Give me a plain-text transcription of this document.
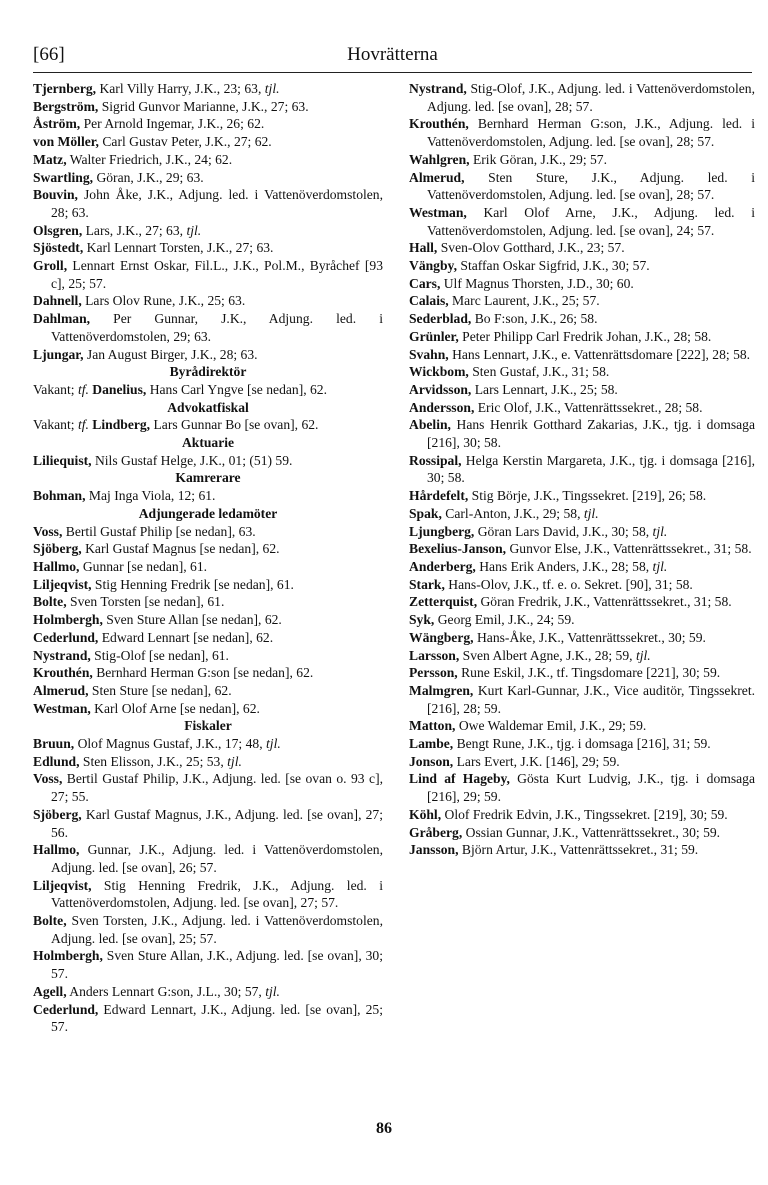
[66]	Hovrätterna

Tjernberg, Karl Villy Harry, J.K., 23; 63, tjl.

Bergström, Sigrid Gunvor Marianne, J.K., 27; 63.

Åström, Per Arnold Ingemar, J.K., 26; 62.

von Möller, Carl Gustav Peter, J.K., 27; 62.

Matz, Walter Friedrich, J.K., 24; 62.

Swartling, Göran, J.K., 29; 63.

Bouvin, John Åke, J.K., Adjung. led. i Vattenöverdomstolen, 28; 63.

Olsgren, Lars, J.K., 27; 63, tjl.

Sjöstedt, Karl Lennart Torsten, J.K., 27; 63.

Groll, Lennart Ernst Oskar, Fil.L., J.K., Pol.M., Byråchef [93 c], 25; 57.

Dahnell, Lars Olov Rune, J.K., 25; 63.

Dahlman, Per Gunnar, J.K., Adjung. led. i Vattenöverdomstolen, 29; 63.

Ljungar, Jan August Birger, J.K., 28; 63.

Byrådirektör

Vakant; tf. Danelius, Hans Carl Yngve [se nedan], 62.

Advokatfiskal

Vakant; tf. Lindberg, Lars Gunnar Bo [se ovan], 62.

Aktuarie

Liliequist, Nils Gustaf Helge, J.K., 01; (51) 59.

Kamrerare

Bohman, Maj Inga Viola, 12; 61.

Adjungerade ledamöter

Voss, Bertil Gustaf Philip [se nedan], 63.

Sjöberg, Karl Gustaf Magnus [se nedan], 62.

Hallmo, Gunnar [se nedan], 61.

Liljeqvist, Stig Henning Fredrik [se nedan], 61.

Bolte, Sven Torsten [se nedan], 61.

Holmbergh, Sven Sture Allan [se nedan], 62.

Cederlund, Edward Lennart [se nedan], 62.

Nystrand, Stig-Olof [se nedan], 61.

Krouthén, Bernhard Herman G:son [se nedan], 62.

Almerud, Sten Sture [se nedan], 62.

Westman, Karl Olof Arne [se nedan], 62.

Fiskaler

Bruun, Olof Magnus Gustaf, J.K., 17; 48, tjl.

Edlund, Sten Elisson, J.K., 25; 53, tjl.

Voss, Bertil Gustaf Philip, J.K., Adjung. led. [se ovan o. 93 c], 27; 55.

Sjöberg, Karl Gustaf Magnus, J.K., Adjung. led. [se ovan], 27; 56.

Hallmo, Gunnar, J.K., Adjung. led. i Vattenöverdomstolen, Adjung. led. [se ovan], 26; 57.

Liljeqvist, Stig Henning Fredrik, J.K., Adjung. led. i Vattenöverdomstolen, Adjung. led. [se ovan], 27; 57.

Bolte, Sven Torsten, J.K., Adjung. led. i Vattenöverdomstolen, Adjung. led. [se ovan], 25; 57.

Holmbergh, Sven Sture Allan, J.K., Adjung. led. [se ovan], 30; 57.

Agell, Anders Lennart G:son, J.L., 30; 57, tjl.

Cederlund, Edward Lennart, J.K., Adjung. led. [se ovan], 25; 57.

Nystrand, Stig-Olof, J.K., Adjung. led. i Vattenöverdomstolen, Adjung. led. [se ovan], 28; 57.

Krouthén, Bernhard Herman G:son, J.K., Adjung. led. i Vattenöverdomstolen, Adjung. led. [se ovan], 28; 57.

Wahlgren, Erik Göran, J.K., 29; 57.

Almerud, Sten Sture, J.K., Adjung. led. i Vattenöverdomstolen, Adjung. led. [se ovan], 28; 57.

Westman, Karl Olof Arne, J.K., Adjung. led. i Vattenöverdomstolen, Adjung. led. [se ovan], 24; 57.

Hall, Sven-Olov Gotthard, J.K., 23; 57.

Vängby, Staffan Oskar Sigfrid, J.K., 30; 57.

Cars, Ulf Magnus Thorsten, J.D., 30; 60.

Calais, Marc Laurent, J.K., 25; 57.

Sederblad, Bo F:son, J.K., 26; 58.

Grünler, Peter Philipp Carl Fredrik Johan, J.K., 28; 58.

Svahn, Hans Lennart, J.K., e. Vattenrättsdomare [222], 28; 58.

Wickbom, Sten Gustaf, J.K., 31; 58.

Arvidsson, Lars Lennart, J.K., 25; 58.

Andersson, Eric Olof, J.K., Vattenrättssekret., 28; 58.

Abelin, Hans Henrik Gotthard Zakarias, J.K., tjg. i domsaga [216], 30; 58.

Rossipal, Helga Kerstin Margareta, J.K., tjg. i domsaga [216], 30; 58.

Hårdefelt, Stig Börje, J.K., Tingssekret. [219], 26; 58.

Spak, Carl-Anton, J.K., 29; 58, tjl.

Ljungberg, Göran Lars David, J.K., 30; 58, tjl.

Bexelius-Janson, Gunvor Else, J.K., Vattenrättssekret., 31; 58.

Anderberg, Hans Erik Anders, J.K., 28; 58, tjl.

Stark, Hans-Olov, J.K., tf. e. o. Sekret. [90], 31; 58.

Zetterquist, Göran Fredrik, J.K., Vattenrättssekret., 31; 58.

Syk, Georg Emil, J.K., 24; 59.

Wängberg, Hans-Åke, J.K., Vattenrättssekret., 30; 59.

Larsson, Sven Albert Agne, J.K., 28; 59, tjl.

Persson, Rune Eskil, J.K., tf. Tingsdomare [221], 30; 59.

Malmgren, Kurt Karl-Gunnar, J.K., Vice auditör, Tingssekret. [216], 28; 59.

Matton, Owe Waldemar Emil, J.K., 29; 59.

Lambe, Bengt Rune, J.K., tjg. i domsaga [216], 31; 59.

Jonson, Lars Evert, J.K. [146], 29; 59.

Lind af Hageby, Gösta Kurt Ludvig, J.K., tjg. i domsaga [216], 29; 59.

Köhl, Olof Fredrik Edvin, J.K., Tingssekret. [219], 30; 59.

Gråberg, Ossian Gunnar, J.K., Vattenrättssekret., 30; 59.

Jansson, Björn Artur, J.K., Vattenrättssekret., 31; 59.

86
